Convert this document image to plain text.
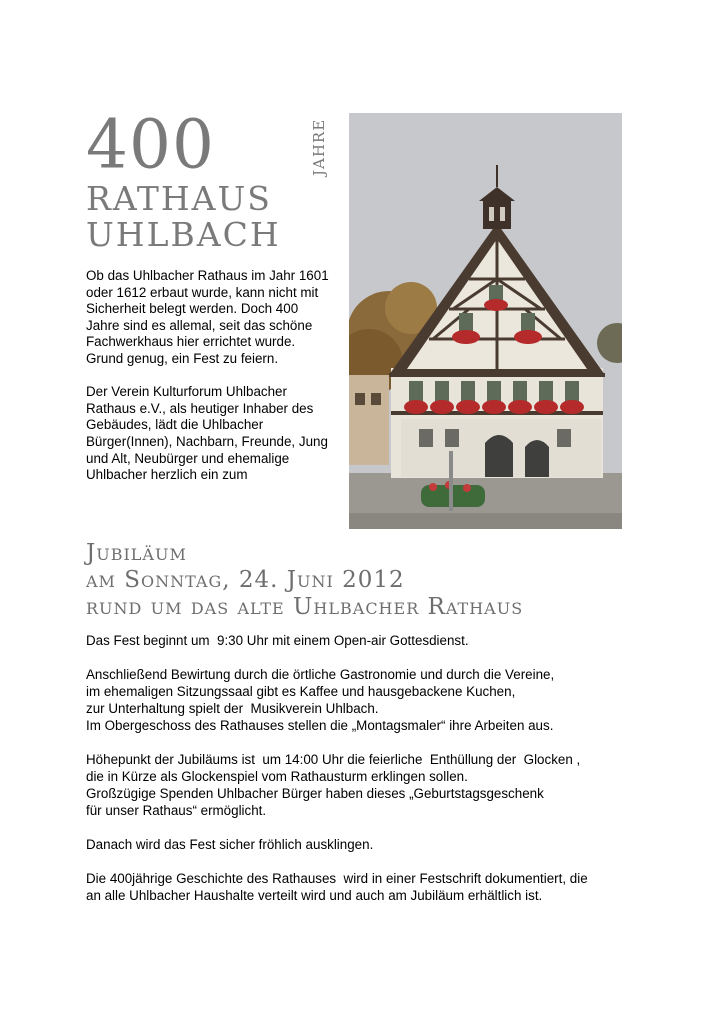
400	JAHRE
RATHAUS
UHLBACH

Ob das Uhlbacher Rathaus im Jahr 1601 oder 1612 erbaut wurde, kann nicht mit Sicherheit belegt werden. Doch 400 Jahre sind es allemal, seit das schöne Fachwerkhaus hier errichtet wurde. Grund genug, ein Fest zu feiern.

Der Verein Kulturforum Uhlbacher Rathaus e.V., als heutiger Inhaber des Gebäudes, lädt die Uhlbacher Bürger(Innen), Nachbarn, Freunde, Jung und Alt, Neubürger und ehemalige Uhlbacher herzlich ein zum

Jubiläum
am Sonntag, 24. Juni 2012
rund um das alte Uhlbacher Rathaus

Das Fest beginnt um  9:30 Uhr mit einem Open-air Gottesdienst.

Anschließend Bewirtung durch die örtliche Gastronomie und durch die Vereine,
im ehemaligen Sitzungssaal gibt es Kaffee und hausgebackene Kuchen,
zur Unterhaltung spielt der  Musikverein Uhlbach.
Im Obergeschoss des Rathauses stellen die „Montagsmaler“ ihre Arbeiten aus.

Höhepunkt der Jubiläums ist  um 14:00 Uhr die feierliche  Enthüllung der  Glocken ,
die in Kürze als Glockenspiel vom Rathausturm erklingen sollen.
Großzügige Spenden Uhlbacher Bürger haben dieses „Geburtstagsgeschenk
für unser Rathaus“ ermöglicht.

Danach wird das Fest sicher fröhlich ausklingen.

Die 400jährige Geschichte des Rathauses  wird in einer Festschrift dokumentiert, die
an alle Uhlbacher Haushalte verteilt wird und auch am Jubiläum erhältlich ist.
